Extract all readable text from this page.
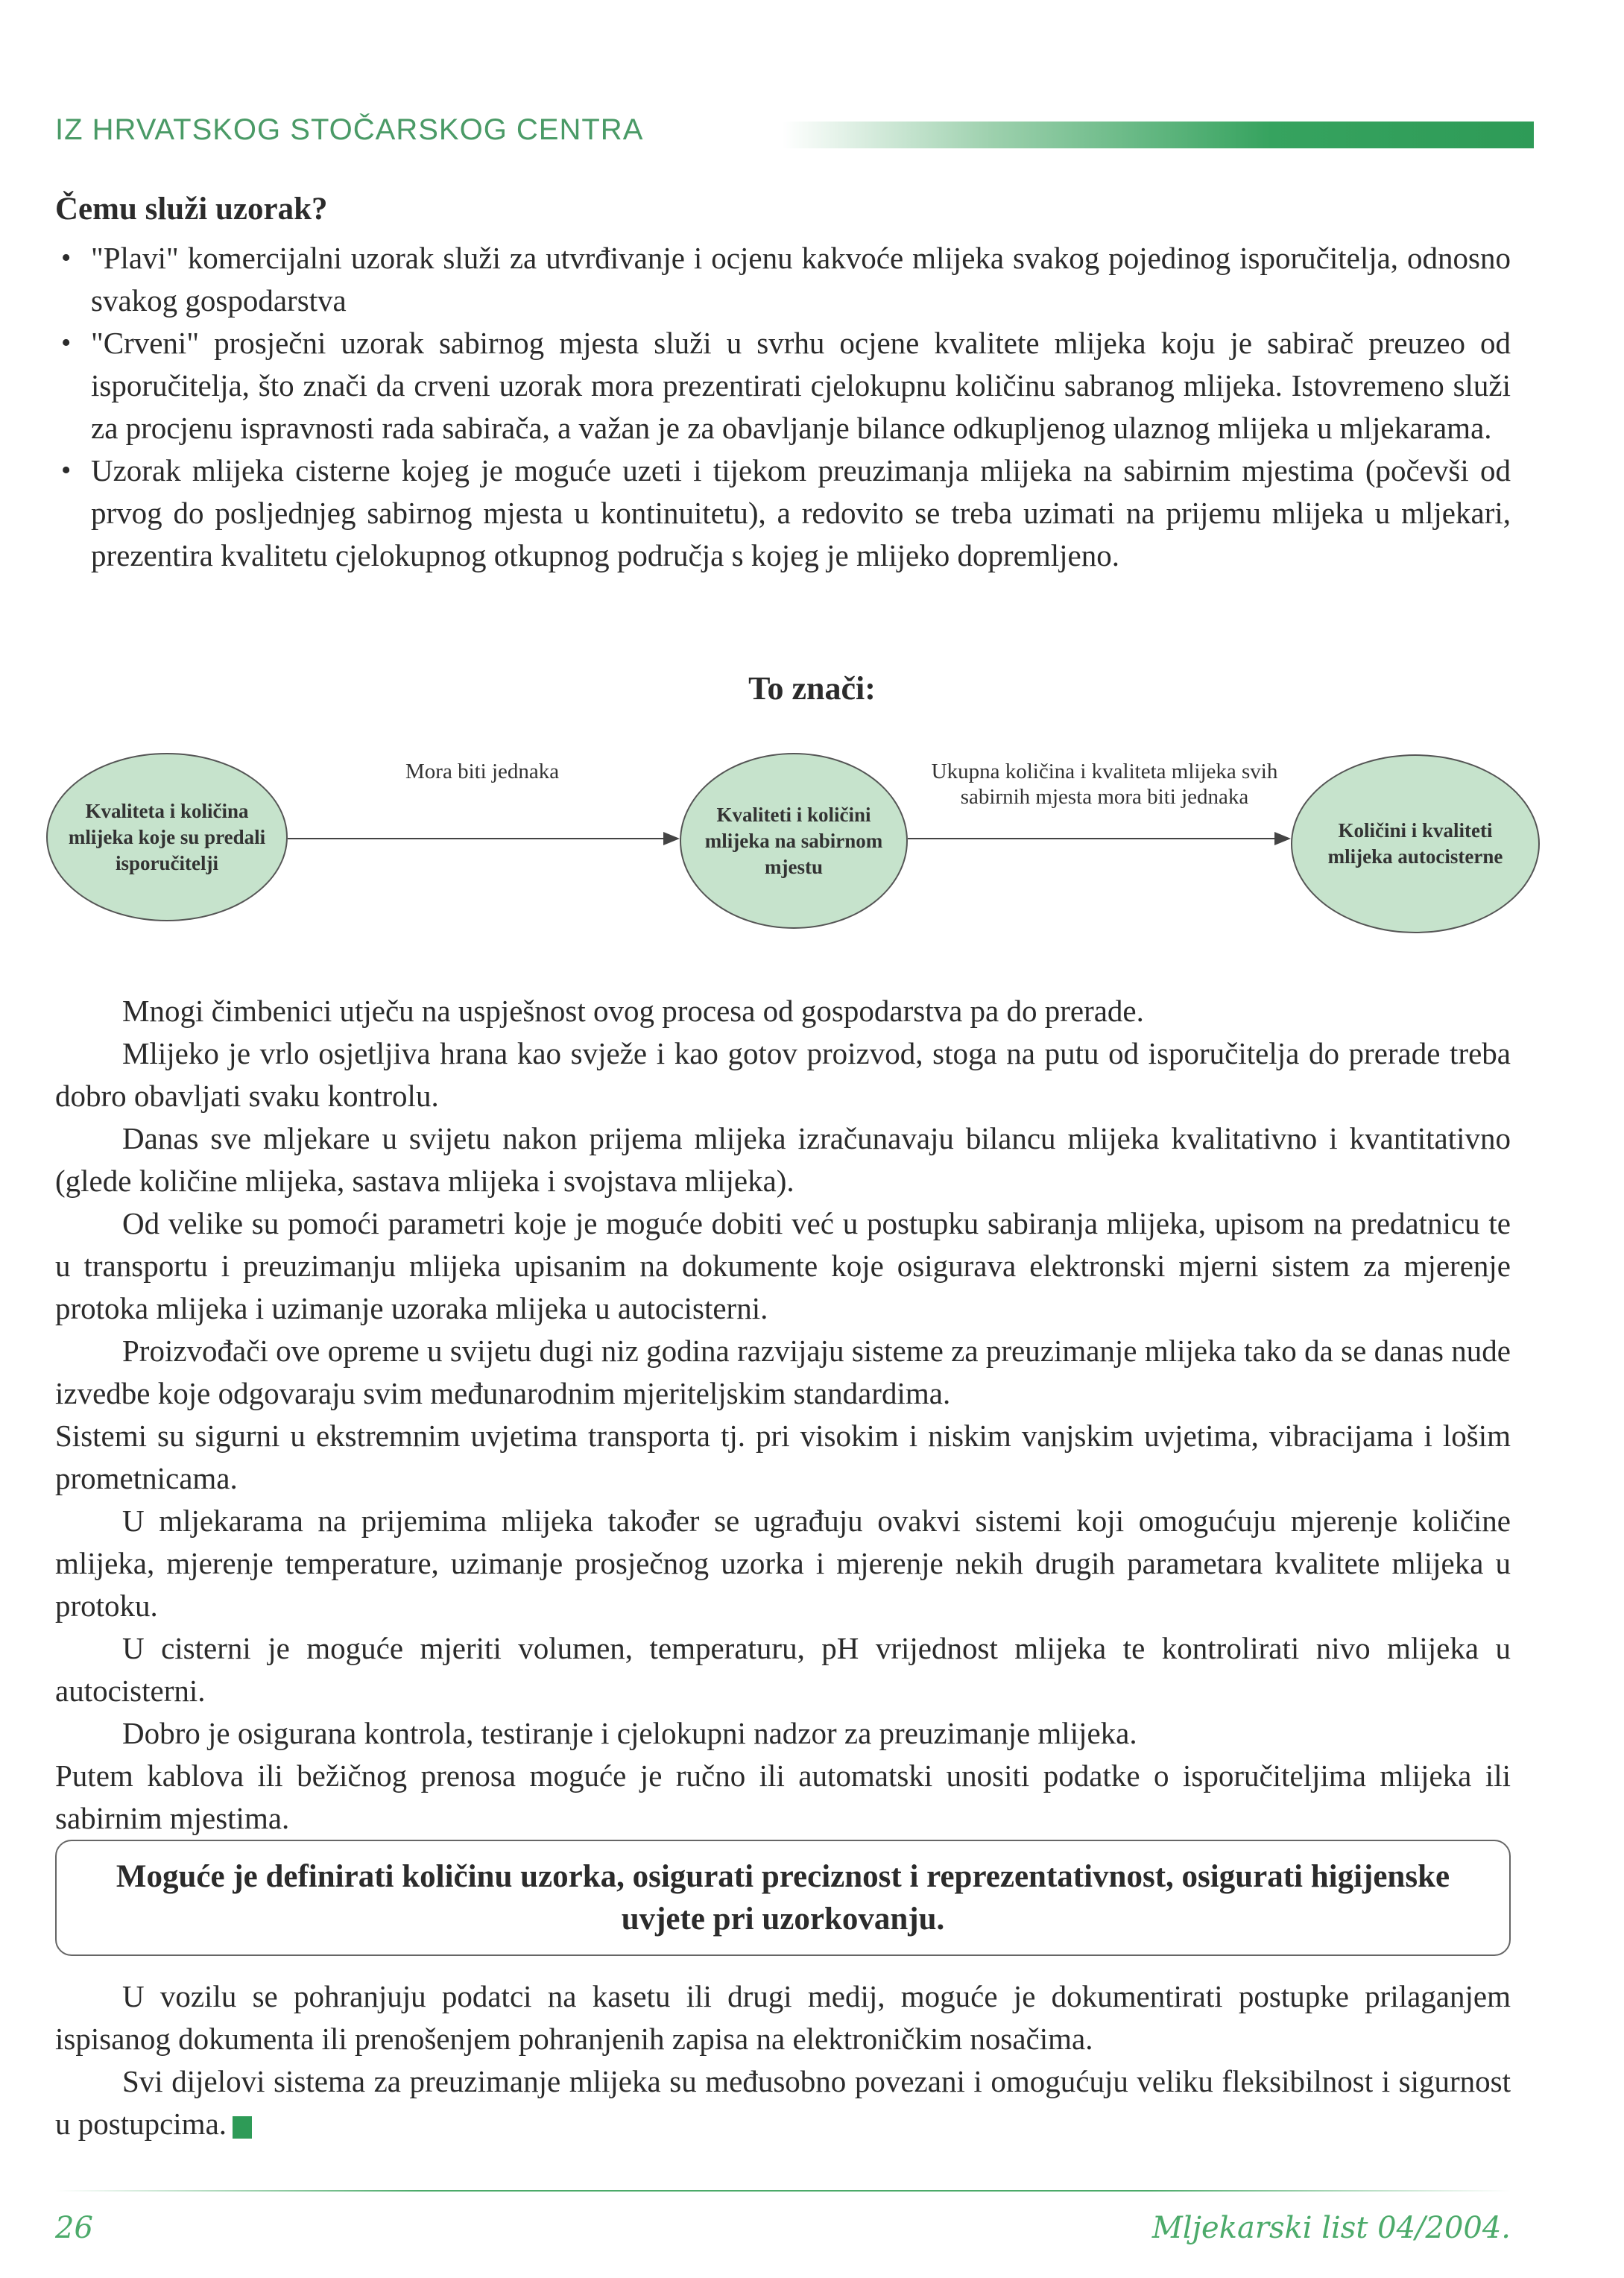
IZ HRVATSKOG STOČARSKOG CENTRA
Čemu služi uzorak?
• "Plavi" komercijalni uzorak služi za utvrđivanje i ocjenu kakvoće mlijeka svakog pojedinog isporučitelja, odnosno svakog gospodarstva
• "Crveni" prosječni uzorak sabirnog mjesta služi u svrhu ocjene kvalitete mlijeka koju je sabirač preuzeo od isporučitelja, što znači da crveni uzorak mora prezentirati cjelokupnu količinu sabranog mlijeka. Istovremeno služi za procjenu ispravnosti rada sabirača, a važan je za obavljanje bilance odkupljenog ulaznog mlijeka u mljekarama.
• Uzorak mlijeka cisterne kojeg je moguće uzeti i tijekom preuzimanja mlijeka na sabirnim mjestima (počevši od prvog do posljednjeg sabirnog mjesta u kontinuitetu), a redovito se treba uzimati na prijemu mlijeka u mljekari, prezentira kvalitetu cjelokupnog otkupnog područja s kojeg je mlijeko dopremljeno.
To znači:
Kvaliteta i količina mlijeka koje su predali isporučitelji
Kvaliteti i količini mlijeka na sabirnom mjestu
Količini i kvaliteti mlijeka autocisterne
Mora biti jednaka	Ukupna količina i kvaliteta mlijeka svih sabirnih mjesta mora biti jednaka

Mnogi čimbenici utječu na uspješnost ovog procesa od gospodarstva pa do prerade.

Mlijeko je vrlo osjetljiva hrana kao svježe i kao gotov proizvod, stoga na putu od isporučitelja do prerade treba dobro obavljati svaku kontrolu.

Danas sve mljekare u svijetu nakon prijema mlijeka izračunavaju bilancu mlijeka kvalitativno i kvantitativno (glede količine mlijeka, sastava mlijeka i svojstava mlijeka).

Od velike su pomoći parametri koje je moguće dobiti već u postupku sabiranja mlijeka, upisom na predatnicu te u transportu i preuzimanju mlijeka upisanim na dokumente koje osigurava elektronski mjerni sistem za mjerenje protoka mlijeka i uzimanje uzoraka mlijeka u autocisterni.

Proizvođači ove opreme u svijetu dugi niz godina razvijaju sisteme za preuzimanje mlijeka tako da se danas nude izvedbe koje odgovaraju svim međunarodnim mjeriteljskim standardima.

Sistemi su sigurni u ekstremnim uvjetima transporta tj. pri visokim i niskim vanjskim uvjetima, vibracijama i lošim prometnicama.

U mljekarama na prijemima mlijeka također se ugrađuju ovakvi sistemi koji omogućuju mjerenje količine mlijeka, mjerenje temperature, uzimanje prosječnog uzorka i mjerenje nekih drugih parametara kvalitete mlijeka u protoku.

U cisterni je moguće mjeriti volumen, temperaturu, pH vrijednost mlijeka te kontrolirati nivo mlijeka u autocisterni.

Dobro je osigurana kontrola, testiranje i cjelokupni nadzor za preuzimanje mlijeka.

Putem kablova ili bežičnog prenosa moguće je ručno ili automatski unositi podatke o isporučiteljima mlijeka ili sabirnim mjestima.

Moguće je definirati količinu uzorka, osigurati preciznost i reprezentativnost, osigurati higijenske uvjete pri uzorkovanju.

U vozilu se pohranjuju podatci na kasetu ili drugi medij, moguće je dokumentirati postupke prilaganjem ispisanog dokumenta ili prenošenjem pohranjenih zapisa na elektroničkim nosačima.

Svi dijelovi sistema za preuzimanje mlijeka su međusobno povezani i omogućuju veliku fleksibilnost i sigurnost u postupcima.

26	Mljekarski list 04/2004.
